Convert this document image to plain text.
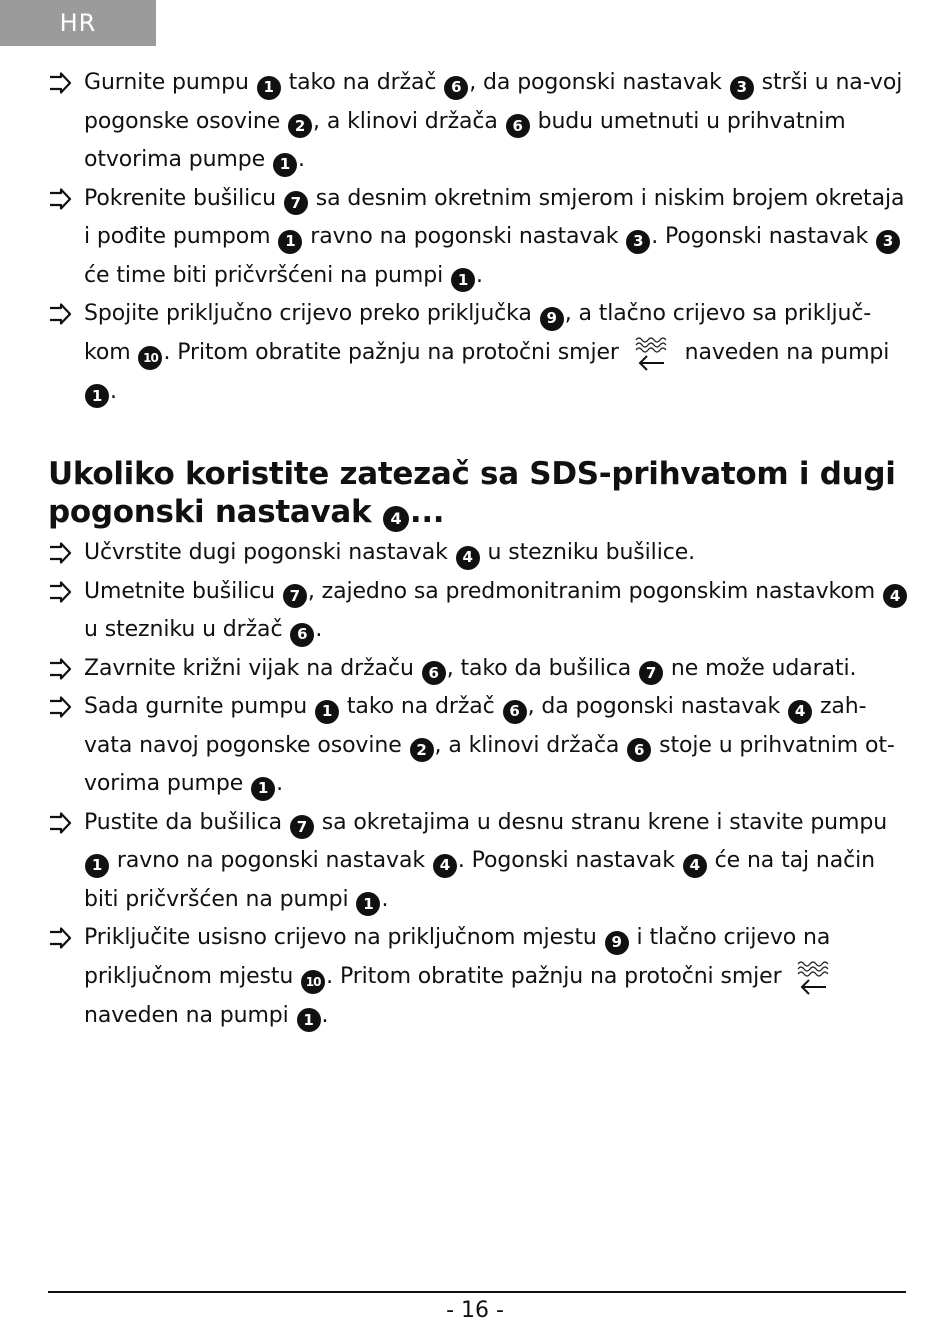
HR
Gurnite pumpu 1 tako na držač 6 , da pogonski nastavak 3 strši u na-voj pogonske osovine 2 , a klinovi držača 6 budu umetnuti u prihvatnim otvorima pumpe 1 .
Pokrenite bušilicu 7 sa desnim okretnim smjerom i niskim brojem okretaja i pođite pumpom 1 ravno na pogonski nastavak 3 . Pogonski nastavak 3 će time biti pričvršćeni na pumpi 1 .
Spojite priključno crijevo preko priključka 9 , a tlačno crijevo sa priključ-kom 10 . Pritom obratite pažnju na protočni smjer  naveden na pumpi 1 .
Ukoliko koristite zatezač sa SDS-prihvatom i dugi pogonski nastavak 4 ...
Učvrstite dugi pogonski nastavak 4 u stezniku bušilice.
Umetnite bušilicu 7 , zajedno sa predmonitranim pogonskim nastavkom 4 u stezniku u držač 6 .
Zavrnite križni vijak na držaču 6 , tako da bušilica 7 ne može udarati.
Sada gurnite pumpu 1 tako na držač 6 , da pogonski nastavak 4 zah-vata navoj pogonske osovine 2 , a klinovi držača 6 stoje u prihvatnim ot-vorima pumpe 1 .
Pustite da bušilica 7 sa okretajima u desnu stranu krene i stavite pumpu 1 ravno na pogonski nastavak 4 . Pogonski nastavak 4 će na taj način biti pričvršćen na pumpi 1 .
Priključite usisno crijevo na priključnom mjestu 9 i tlačno crijevo na priključnom mjestu 10 . Pritom obratite pažnju na protočni smjer  naveden na pumpi 1 .
- 16 -
